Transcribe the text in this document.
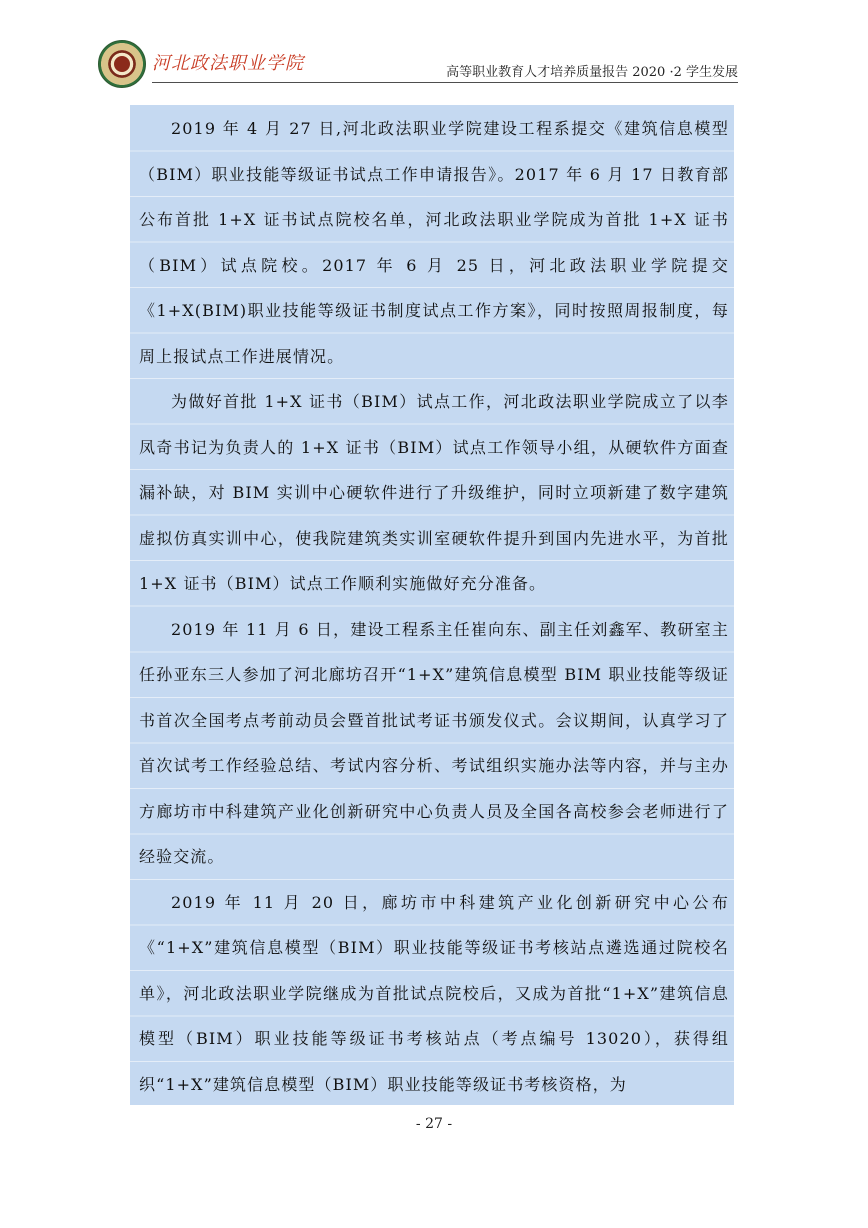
河北政法职业学院	高等职业教育人才培养质量报告 2020 ·2 学生发展

2019 年 4 月 27 日,河北政法职业学院建设工程系提交《建筑信息模型（BIM）职业技能等级证书试点工作申请报告》。2017 年 6 月 17 日教育部公布首批 1+X 证书试点院校名单，河北政法职业学院成为首批 1+X 证书（BIM）试点院校。2017 年 6 月 25 日，河北政法职业学院提交《1+X(BIM)职业技能等级证书制度试点工作方案》，同时按照周报制度，每周上报试点工作进展情况。

为做好首批 1+X 证书（BIM）试点工作，河北政法职业学院成立了以李凤奇书记为负责人的 1+X 证书（BIM）试点工作领导小组，从硬软件方面查漏补缺，对 BIM 实训中心硬软件进行了升级维护，同时立项新建了数字建筑虚拟仿真实训中心，使我院建筑类实训室硬软件提升到国内先进水平，为首批 1+X 证书（BIM）试点工作顺利实施做好充分准备。

2019 年 11 月 6 日，建设工程系主任崔向东、副主任刘鑫军、教研室主任孙亚东三人参加了河北廊坊召开“1+X”建筑信息模型 BIM 职业技能等级证书首次全国考点考前动员会暨首批试考证书颁发仪式。会议期间，认真学习了首次试考工作经验总结、考试内容分析、考试组织实施办法等内容，并与主办方廊坊市中科建筑产业化创新研究中心负责人员及全国各高校参会老师进行了经验交流。

2019 年 11 月 20 日，廊坊市中科建筑产业化创新研究中心公布《“1+X”建筑信息模型（BIM）职业技能等级证书考核站点遴选通过院校名单》，河北政法职业学院继成为首批试点院校后，又成为首批“1+X”建筑信息模型（BIM）职业技能等级证书考核站点（考点编号 13020），获得组织“1+X”建筑信息模型（BIM）职业技能等级证书考核资格，为

- 27 -
